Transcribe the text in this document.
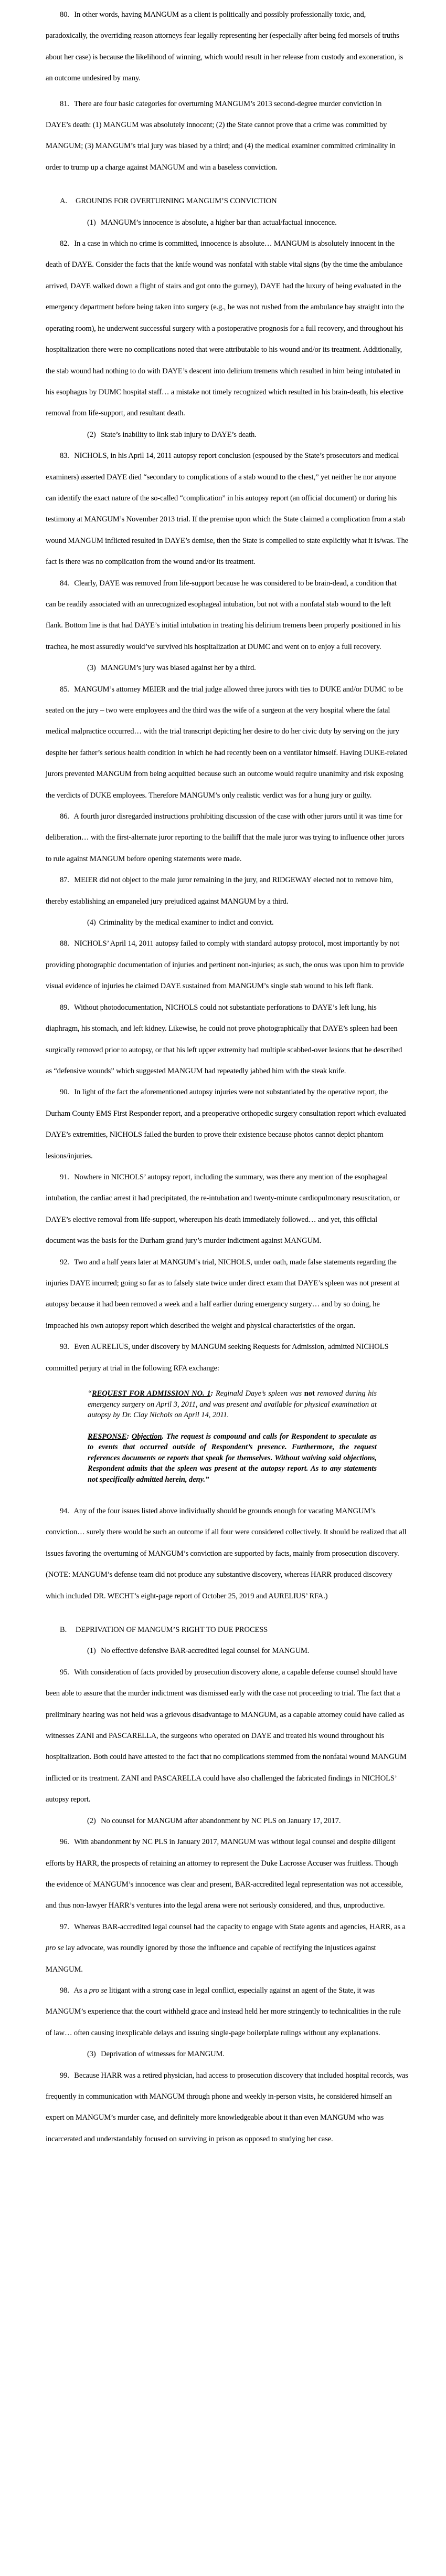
80. In other words, having MANGUM as a client is politically and possibly professionally toxic, and, paradoxically, the overriding reason attorneys fear legally representing her (especially after being fed morsels of truths about her case) is because the likelihood of winning, which would result in her release from custody and exoneration, is an outcome undesired by many.

81. There are four basic categories for overturning MANGUM’s 2013 second-degree murder conviction in DAYE’s death: (1) MANGUM was absolutely innocent; (2) the State cannot prove that a crime was committed by MANGUM; (3) MANGUM’s trial jury was biased by a third; and (4) the medical examiner committed criminality in order to trump up a charge against MANGUM and win a baseless conviction.

A. GROUNDS FOR OVERTURNING MANGUM’S CONVICTION
(1) MANGUM’s innocence is absolute, a higher bar than actual/factual innocence.

82. In a case in which no crime is committed, innocence is absolute… MANGUM is absolutely innocent in the death of DAYE. Consider the facts that the knife wound was nonfatal with stable vital signs (by the time the ambulance arrived, DAYE walked down a flight of stairs and got onto the gurney), DAYE had the luxury of being evaluated in the emergency department before being taken into surgery (e.g., he was not rushed from the ambulance bay straight into the operating room), he underwent successful surgery with a postoperative prognosis for a full recovery, and throughout his hospitalization there were no complications noted that were attributable to his wound and/or its treatment. Additionally, the stab wound had nothing to do with DAYE’s descent into delirium tremens which resulted in him being intubated in his esophagus by DUMC hospital staff… a mistake not timely recognized which resulted in his brain-death, his elective removal from life-support, and resultant death.

(2) State’s inability to link stab injury to DAYE’s death.

83. NICHOLS, in his April 14, 2011 autopsy report conclusion (espoused by the State’s prosecutors and medical examiners) asserted DAYE died “secondary to complications of a stab wound to the chest,” yet neither he nor anyone can identify the exact nature of the so-called “complication” in his autopsy report (an official document) or during his testimony at MANGUM’s November 2013 trial. If the premise upon which the State claimed a complication from a stab wound MANGUM inflicted resulted in DAYE’s demise, then the State is compelled to state explicitly what it is/was. The fact is there was no complication from the wound and/or its treatment.

84. Clearly, DAYE was removed from life-support because he was considered to be brain-dead, a condition that can be readily associated with an unrecognized esophageal intubation, but not with a nonfatal stab wound to the left flank. Bottom line is that had DAYE’s initial intubation in treating his delirium tremens been properly positioned in his trachea, he most assuredly would’ve survived his hospitalization at DUMC and went on to enjoy a full recovery.

(3) MANGUM’s jury was biased against her by a third.

85. MANGUM’s attorney MEIER and the trial judge allowed three jurors with ties to DUKE and/or DUMC to be seated on the jury – two were employees and the third was the wife of a surgeon at the very hospital where the fatal medical malpractice occurred… with the trial transcript depicting her desire to do her civic duty by serving on the jury despite her father’s serious health condition in which he had recently been on a ventilator himself. Having DUKE-related jurors prevented MANGUM from being acquitted because such an outcome would require unanimity and risk exposing the verdicts of DUKE employees. Therefore MANGUM’s only realistic verdict was for a hung jury or guilty.

86. A fourth juror disregarded instructions prohibiting discussion of the case with other jurors until it was time for deliberation… with the first-alternate juror reporting to the bailiff that the male juror was trying to influence other jurors to rule against MANGUM before opening statements were made.

87. MEIER did not object to the male juror remaining in the jury, and RIDGEWAY elected not to remove him, thereby establishing an empaneled jury prejudiced against MANGUM by a third.

(4) Criminality by the medical examiner to indict and convict.

88. NICHOLS’ April 14, 2011 autopsy failed to comply with standard autopsy protocol, most importantly by not providing photographic documentation of injuries and pertinent non-injuries; as such, the onus was upon him to provide visual evidence of injuries he claimed DAYE sustained from MANGUM’s single stab wound to his left flank.

89. Without photodocumentation, NICHOLS could not substantiate perforations to DAYE’s left lung, his diaphragm, his stomach, and left kidney. Likewise, he could not prove photographically that DAYE’s spleen had been surgically removed prior to autopsy, or that his left upper extremity had multiple scabbed-over lesions that he described as “defensive wounds” which suggested MANGUM had repeatedly jabbed him with the steak knife.

90. In light of the fact the aforementioned autopsy injuries were not substantiated by the operative report, the Durham County EMS First Responder report, and a preoperative orthopedic surgery consultation report which evaluated DAYE’s extremities, NICHOLS failed the burden to prove their existence because photos cannot depict phantom lesions/injuries.

91. Nowhere in NICHOLS’ autopsy report, including the summary, was there any mention of the esophageal intubation, the cardiac arrest it had precipitated, the re-intubation and twenty-minute cardiopulmonary resuscitation, or DAYE’s elective removal from life-support, whereupon his death immediately followed… and yet, this official document was the basis for the Durham grand jury’s murder indictment against MANGUM.

92. Two and a half years later at MANGUM’s trial, NICHOLS, under oath, made false statements regarding the injuries DAYE incurred; going so far as to falsely state twice under direct exam that DAYE’s spleen was not present at autopsy because it had been removed a week and a half earlier during emergency surgery… and by so doing, he impeached his own autopsy report which described the weight and physical characteristics of the organ.

93. Even AURELIUS, under discovery by MANGUM seeking Requests for Admission, admitted NICHOLS committed perjury at trial in the following RFA exchange:

“REQUEST FOR ADMISSION NO. 1: Reginald Daye’s spleen was not removed during his emergency surgery on April 3, 2011, and was present and available for physical examination at autopsy by Dr. Clay Nichols on April 14, 2011.

RESPONSE: Objection. The request is compound and calls for Respondent to speculate as to events that occurred outside of Respondent’s presence. Furthermore, the request references documents or reports that speak for themselves. Without waiving said objections, Respondent admits that the spleen was present at the autopsy report. As to any statements not specifically admitted herein, deny.”

94. Any of the four issues listed above individually should be grounds enough for vacating MANGUM’s conviction… surely there would be such an outcome if all four were considered collectively. It should be realized that all issues favoring the overturning of MANGUM’s conviction are supported by facts, mainly from prosecution discovery. (NOTE: MANGUM’s defense team did not produce any substantive discovery, whereas HARR produced discovery which included DR. WECHT’s eight-page report of October 25, 2019 and AURELIUS’ RFA.)

B. DEPRIVATION OF MANGUM’S RIGHT TO DUE PROCESS
(1) No effective defensive BAR-accredited legal counsel for MANGUM.

95. With consideration of facts provided by prosecution discovery alone, a capable defense counsel should have been able to assure that the murder indictment was dismissed early with the case not proceeding to trial. The fact that a preliminary hearing was not held was a grievous disadvantage to MANGUM, as a capable attorney could have called as witnesses ZANI and PASCARELLA, the surgeons who operated on DAYE and treated his wound throughout his hospitalization. Both could have attested to the fact that no complications stemmed from the nonfatal wound MANGUM inflicted or its treatment. ZANI and PASCARELLA could have also challenged the fabricated findings in NICHOLS’ autopsy report.

(2) No counsel for MANGUM after abandonment by NC PLS on January 17, 2017.

96. With abandonment by NC PLS in January 2017, MANGUM was without legal counsel and despite diligent efforts by HARR, the prospects of retaining an attorney to represent the Duke Lacrosse Accuser was fruitless. Though the evidence of MANGUM’s innocence was clear and present, BAR-accredited legal representation was not accessible, and thus non-lawyer HARR’s ventures into the legal arena were not seriously considered, and thus, unproductive.

97. Whereas BAR-accredited legal counsel had the capacity to engage with State agents and agencies, HARR, as a pro se lay advocate, was roundly ignored by those the influence and capable of rectifying the injustices against MANGUM.

98. As a pro se litigant with a strong case in legal conflict, especially against an agent of the State, it was MANGUM’s experience that the court withheld grace and instead held her more stringently to technicalities in the rule of law… often causing inexplicable delays and issuing single-page boilerplate rulings without any explanations.

(3) Deprivation of witnesses for MANGUM.

99. Because HARR was a retired physician, had access to prosecution discovery that included hospital records, was frequently in communication with MANGUM through phone and weekly in-person visits, he considered himself an expert on MANGUM’s murder case, and definitely more knowledgeable about it than even MANGUM who was incarcerated and understandably focused on surviving in prison as opposed to studying her case.
